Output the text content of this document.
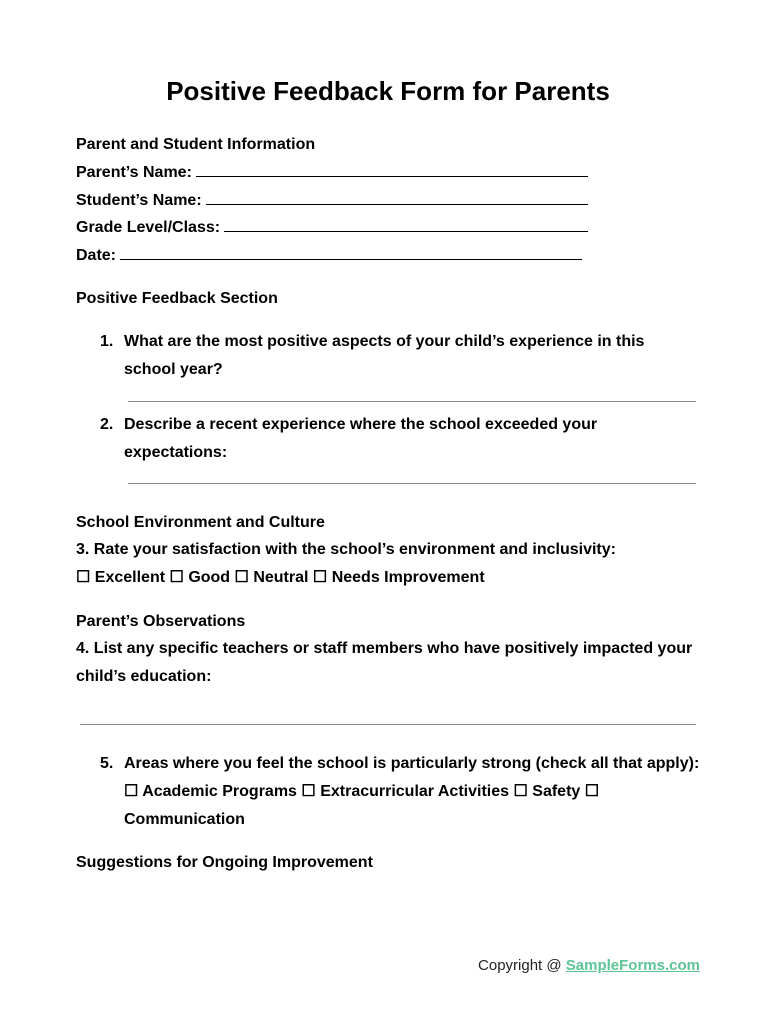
Positive Feedback Form for Parents
Parent and Student Information
Parent’s Name:
Student’s Name:
Grade Level/Class:
Date:
Positive Feedback Section
1. What are the most positive aspects of your child’s experience in this
school year?
2. Describe a recent experience where the school exceeded your
expectations:
School Environment and Culture
3. Rate your satisfaction with the school’s environment and inclusivity:
☐ Excellent ☐ Good ☐ Neutral ☐ Needs Improvement
Parent’s Observations
4. List any specific teachers or staff members who have positively impacted your
child’s education:
5. Areas where you feel the school is particularly strong (check all that apply):
☐ Academic Programs ☐ Extracurricular Activities ☐ Safety ☐
Communication
Suggestions for Ongoing Improvement
Copyright @ SampleForms.com
